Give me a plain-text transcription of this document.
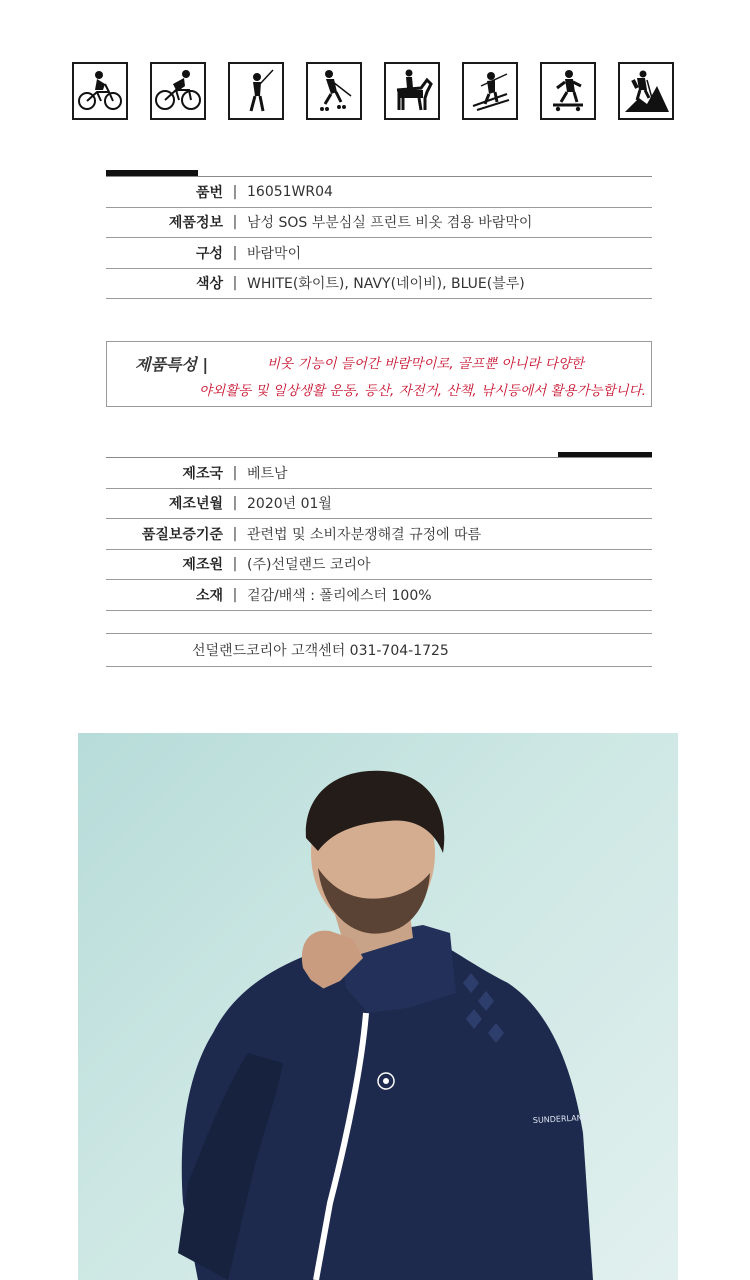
품번 | 16051WR04
제품정보 | 남성 SOS 부분심실 프린트 비옷 겸용 바람막이
구성 | 바람막이
색상 | WHITE(화이트), NAVY(네이비), BLUE(블루)
제품특성 |	비옷 기능이 들어간 바람막이로, 골프뿐 아니라 다양한
야외활동 및 일상생활 운동, 등산, 자전거, 산책, 낚시등에서 활용가능합니다.
제조국 | 베트남
제조년월 | 2020년 01월
품질보증기준 | 관련법 및 소비자분쟁해결 규정에 따름
제조원 | (주)선덜랜드 코리아
소재 | 겉감/배색 : 폴리에스터 100%
선덜랜드코리아 고객센터 031-704-1725
SUNDERLAND
